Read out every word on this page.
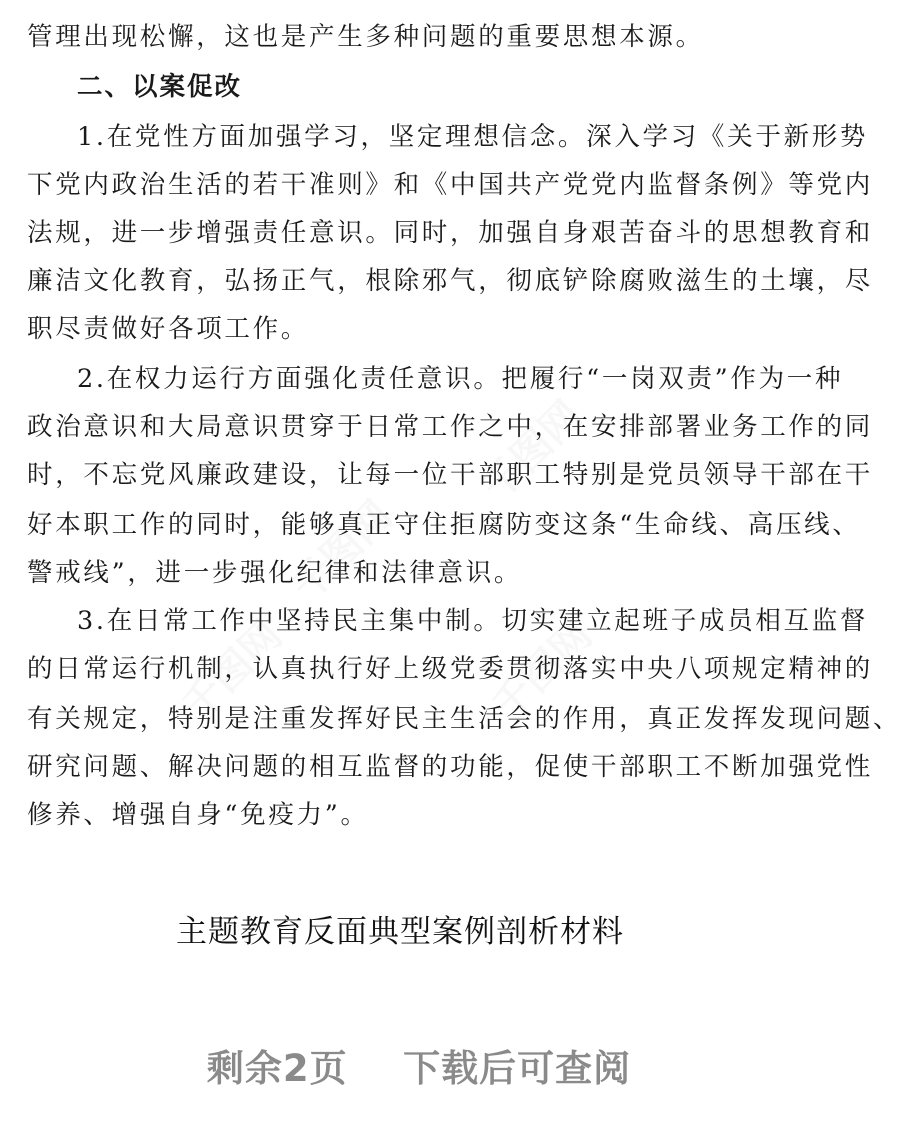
千图网
千图网
千图网
千图网
管理出现松懈，这也是产生多种问题的重要思想本源。
二、以案促改
1.在党性方面加强学习，坚定理想信念。深入学习《关于新形势
下党内政治生活的若干准则》和《中国共产党党内监督条例》等党内
法规，进一步增强责任意识。同时，加强自身艰苦奋斗的思想教育和
廉洁文化教育，弘扬正气，根除邪气，彻底铲除腐败滋生的土壤，尽
职尽责做好各项工作。
2.在权力运行方面强化责任意识。把履行“一岗双责”作为一种
政治意识和大局意识贯穿于日常工作之中，在安排部署业务工作的同
时，不忘党风廉政建设，让每一位干部职工特别是党员领导干部在干
好本职工作的同时，能够真正守住拒腐防变这条“生命线、高压线、
警戒线”，进一步强化纪律和法律意识。
3.在日常工作中坚持民主集中制。切实建立起班子成员相互监督
的日常运行机制，认真执行好上级党委贯彻落实中央八项规定精神的
有关规定，特别是注重发挥好民主生活会的作用，真正发挥发现问题、
研究问题、解决问题的相互监督的功能，促使干部职工不断加强党性
修养、增强自身“免疫力”。
主题教育反面典型案例剖析材料
剩余2页    下载后可查阅
